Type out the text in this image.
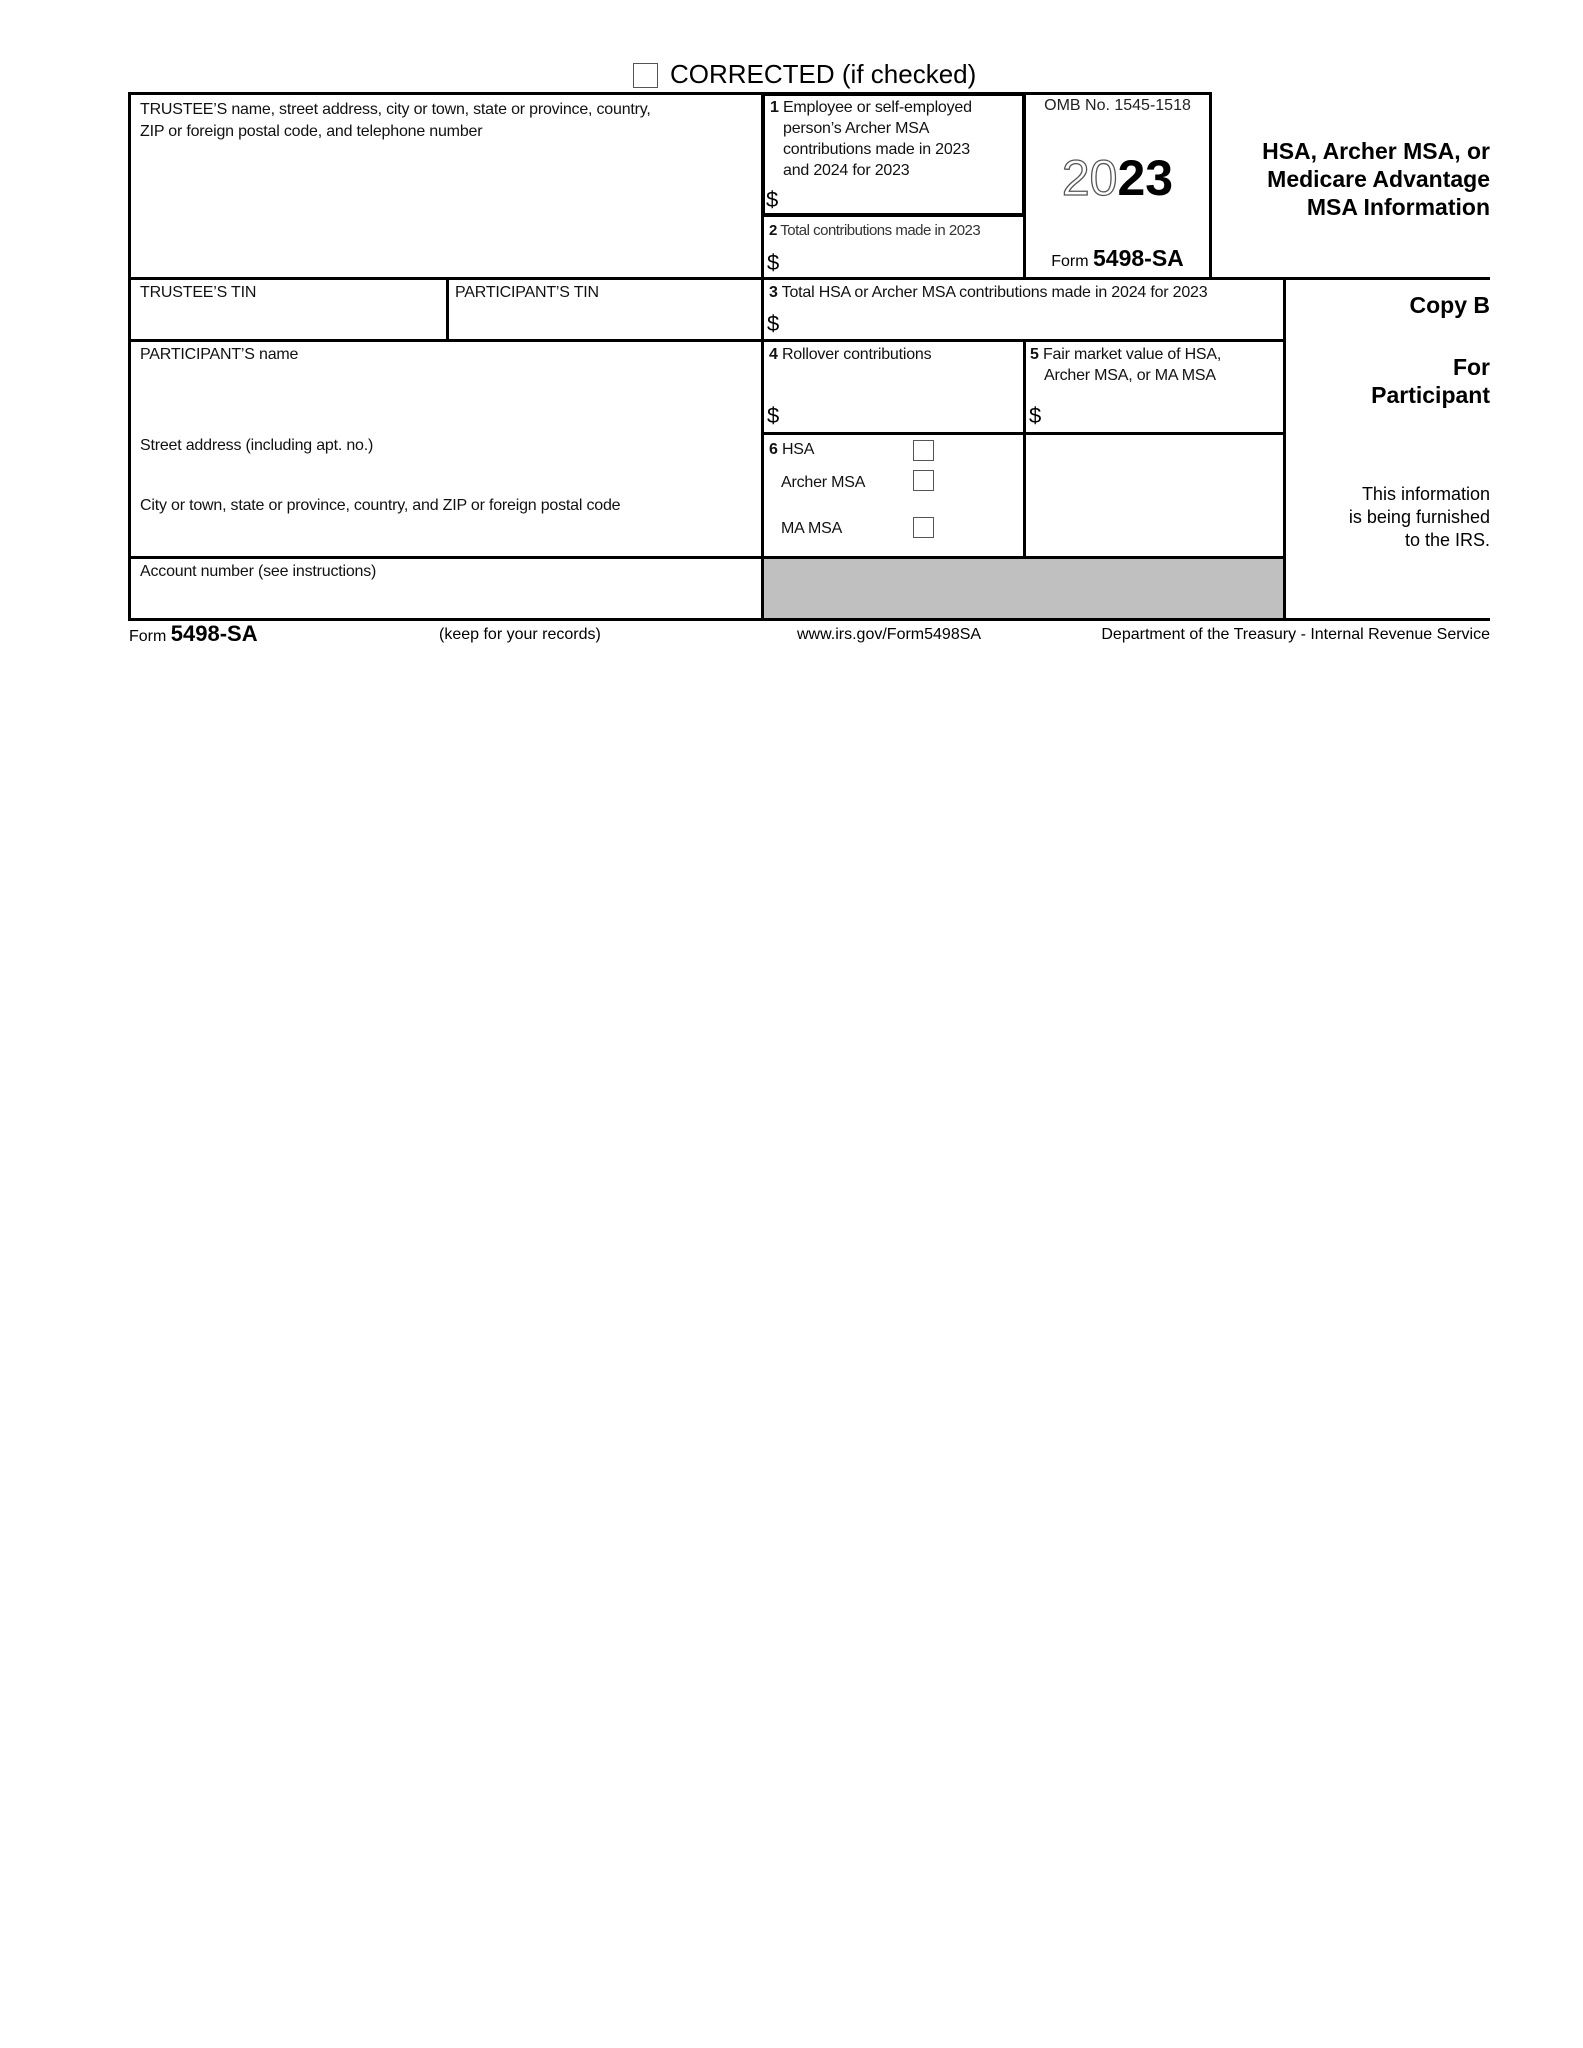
CORRECTED (if checked)
TRUSTEE’S name, street address, city or town, state or province, country,
ZIP or foreign postal code, and telephone number
1 Employee or self-employed
person’s Archer MSA
contributions made in 2023
and 2024 for 2023
$
2 Total contributions made in 2023
$
OMB No. 1545-1518
2023
Form 5498-SA
HSA, Archer MSA, or
Medicare Advantage
MSA Information
TRUSTEE’S TIN	PARTICIPANT’S TIN	3 Total HSA or Archer MSA contributions made in 2024 for 2023
$
Copy B
For
Participant
This information
is being furnished
to the IRS.
PARTICIPANT’S name
Street address (including apt. no.)
City or town, state or province, country, and ZIP or foreign postal code
4 Rollover contributions
$
5 Fair market value of HSA,
Archer MSA, or MA MSA
$
6 HSA
Archer MSA
MA MSA
Account number (see instructions)
Form 5498-SA	(keep for your records)	www.irs.gov/Form5498SA	Department of the Treasury - Internal Revenue Service
